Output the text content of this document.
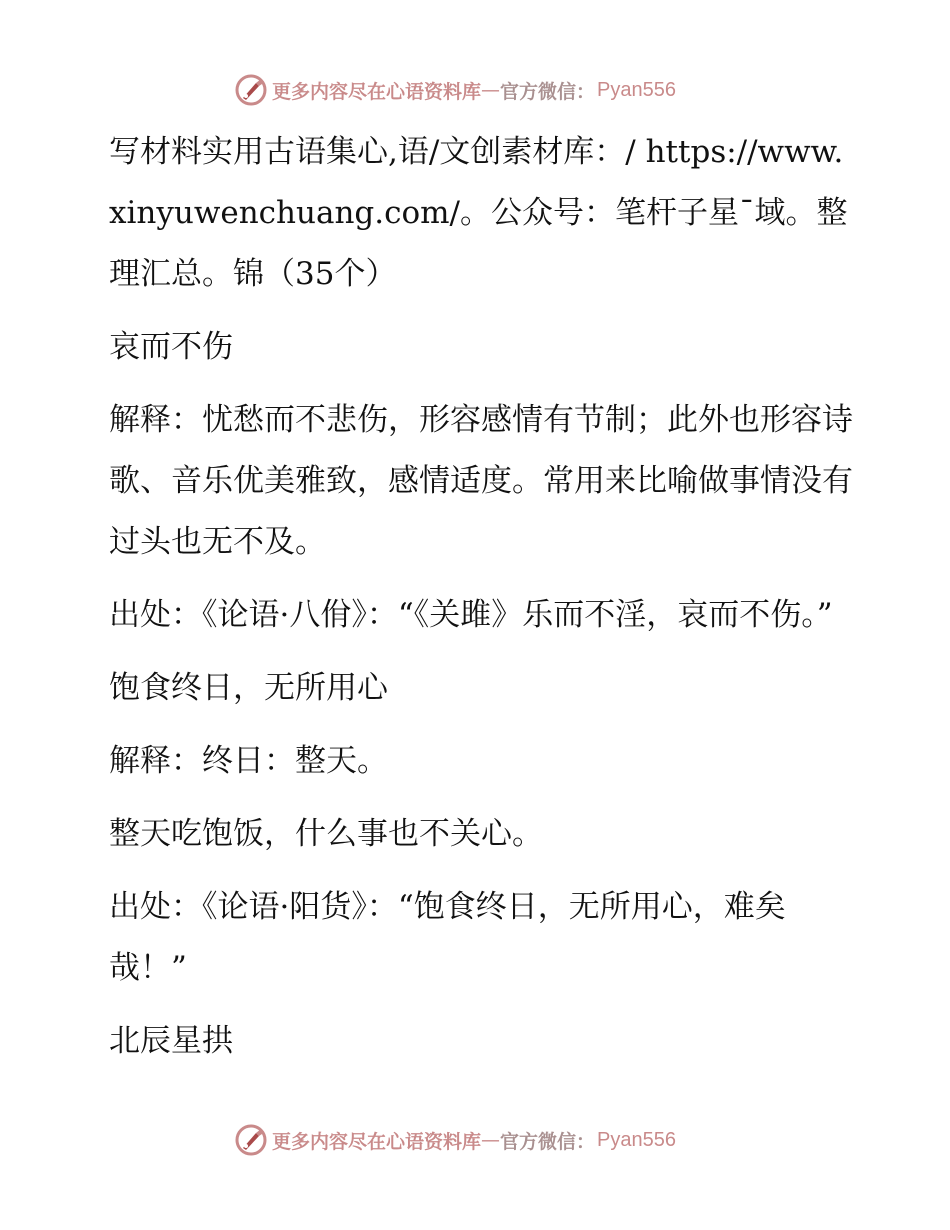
更多内容尽在心语资料库 — 官方微信： Pyan556

写材料实用古语集心,语/文创素材库：/ https://www.xinyuwenchuang.com/。公众号：笔杆子星¯域。整理汇总。锦（35个）

哀而不伤

解释：忧愁而不悲伤，形容感情有节制；此外也形容诗歌、音乐优美雅致，感情适度。常用来比喻做事情没有过头也无不及。

出处：《论语·八佾》：“《关雎》乐而不淫，哀而不伤。”

饱食终日，无所用心

解释：终日：整天。

整天吃饱饭，什么事也不关心。

出处：《论语·阳货》：“饱食终日，无所用心，难矣哉！”

北辰星拱

更多内容尽在心语资料库 — 官方微信： Pyan556
